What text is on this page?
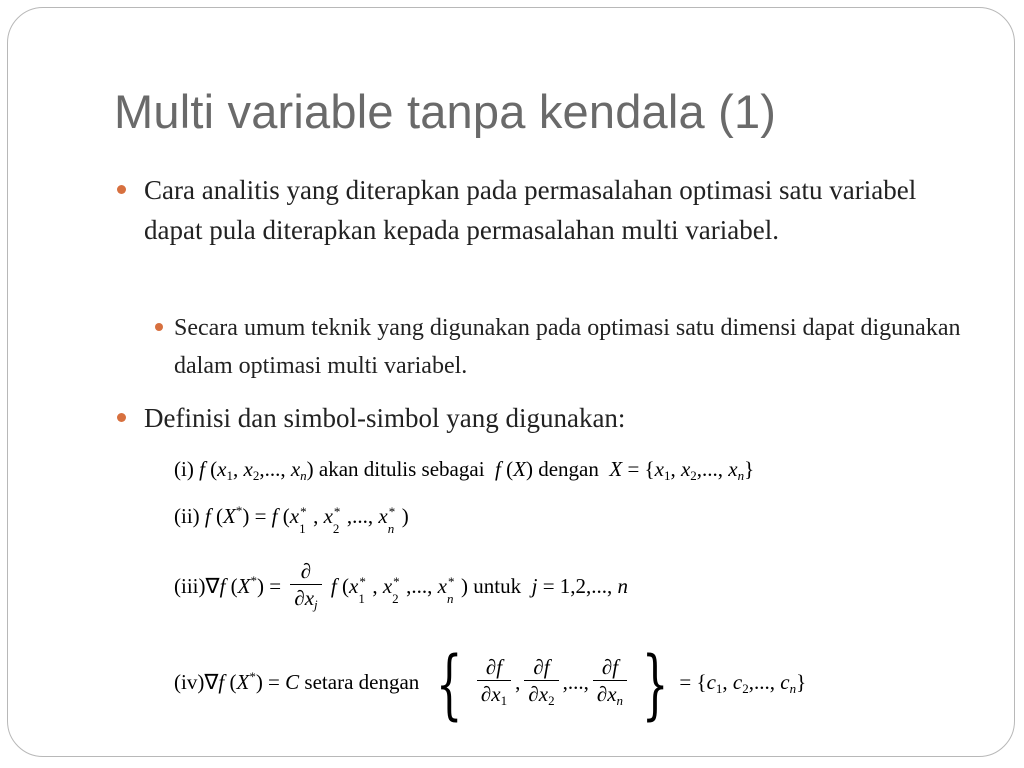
Multi variable tanpa kendala (1)

Cara analitis yang diterapkan pada permasalahan optimasi satu variabel dapat pula diterapkan kepada permasalahan multi variabel.

Secara umum teknik yang digunakan pada optimasi satu dimensi dapat digunakan dalam optimasi multi variabel.

Definisi dan simbol-simbol yang digunakan:

(i) f ($x_1$, $x_2$,..., $x_n$) akan ditulis sebagai f (X) dengan $X = \{x_1$, $x_2$,..., $x_n$}
(ii) f (X*) = f (x *
1
, x *
2
,..., x *
n
)
(iii)∇f $(X^*) = \frac{\partial}{\partial x_j}$ f (x *
1
, x *
2
,..., x *
n
) untuk j = 1,2,..., n
(iv)∇f (X*) = C setara dengan { $\frac{\partial f}{\partial x_1}$ , $\frac{\partial f}{\partial x_2}$ ,..., $\frac{\partial f}{\partial x_n}$ } = {$c_1$, $c_2$,..., $c_n$}
